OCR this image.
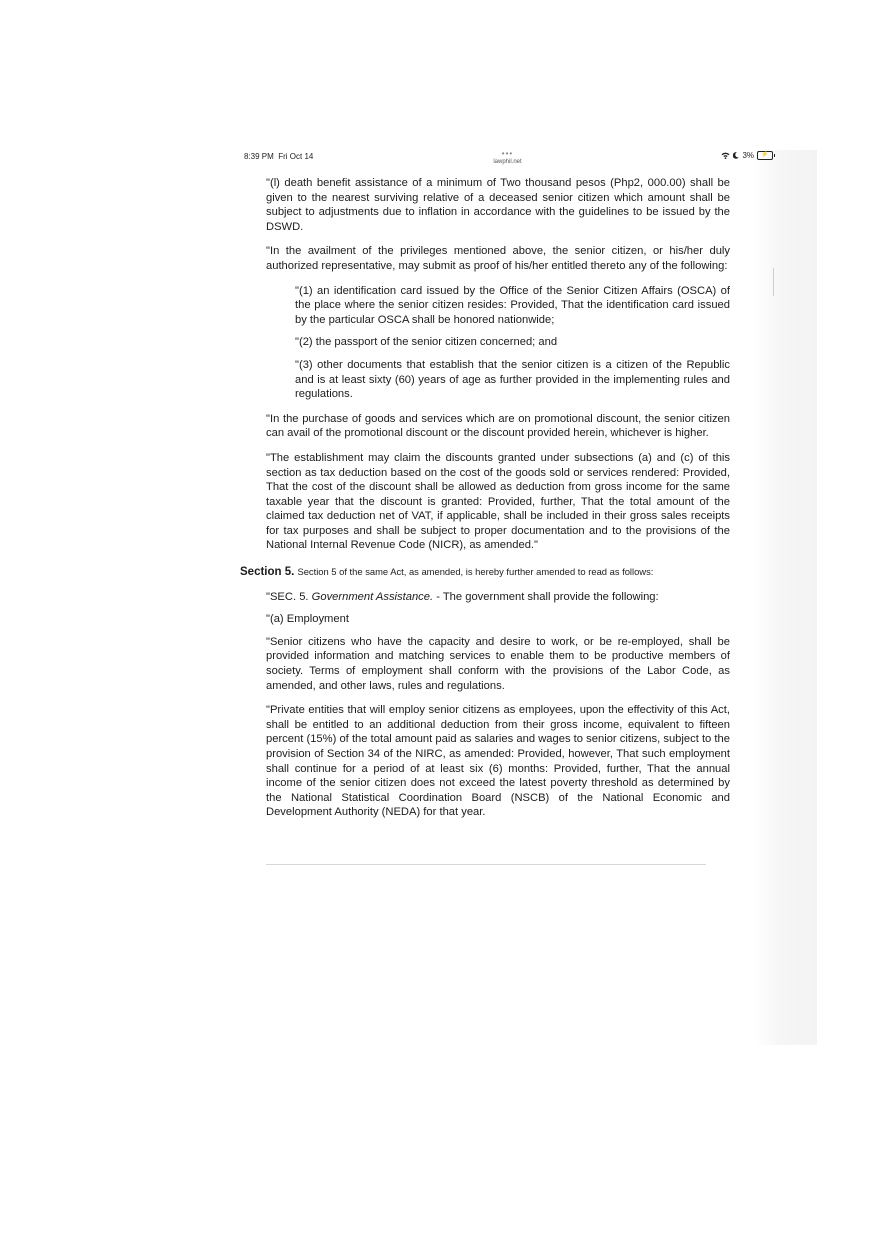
8:39 PM Fri Oct 14	•••
lawphil.net
3%	⚡

"(l) death benefit assistance of a minimum of Two thousand pesos (Php2, 000.00) shall be given to the nearest surviving relative of a deceased senior citizen which amount shall be subject to adjustments due to inflation in accordance with the guidelines to be issued by the DSWD.

"In the availment of the privileges mentioned above, the senior citizen, or his/her duly authorized representative, may submit as proof of his/her entitled thereto any of the following:

"(1) an identification card issued by the Office of the Senior Citizen Affairs (OSCA) of the place where the senior citizen resides: Provided, That the identification card issued by the particular OSCA shall be honored nationwide;

"(2) the passport of the senior citizen concerned; and

"(3) other documents that establish that the senior citizen is a citizen of the Republic and is at least sixty (60) years of age as further provided in the implementing rules and regulations.

"In the purchase of goods and services which are on promotional discount, the senior citizen can avail of the promotional discount or the discount provided herein, whichever is higher.

"The establishment may claim the discounts granted under subsections (a) and (c) of this section as tax deduction based on the cost of the goods sold or services rendered: Provided, That the cost of the discount shall be allowed as deduction from gross income for the same taxable year that the discount is granted: Provided, further, That the total amount of the claimed tax deduction net of VAT, if applicable, shall be included in their gross sales receipts for tax purposes and shall be subject to proper documentation and to the provisions of the National Internal Revenue Code (NICR), as amended."

Section 5. Section 5 of the same Act, as amended, is hereby further amended to read as follows:

"SEC. 5. Government Assistance. - The government shall provide the following:

"(a) Employment

"Senior citizens who have the capacity and desire to work, or be re-employed, shall be provided information and matching services to enable them to be productive members of society. Terms of employment shall conform with the provisions of the Labor Code, as amended, and other laws, rules and regulations.

"Private entities that will employ senior citizens as employees, upon the effectivity of this Act, shall be entitled to an additional deduction from their gross income, equivalent to fifteen percent (15%) of the total amount paid as salaries and wages to senior citizens, subject to the provision of Section 34 of the NIRC, as amended: Provided, however, That such employment shall continue for a period of at least six (6) months: Provided, further, That the annual income of the senior citizen does not exceed the latest poverty threshold as determined by the National Statistical Coordination Board (NSCB) of the National Economic and Development Authority (NEDA) for that year.
